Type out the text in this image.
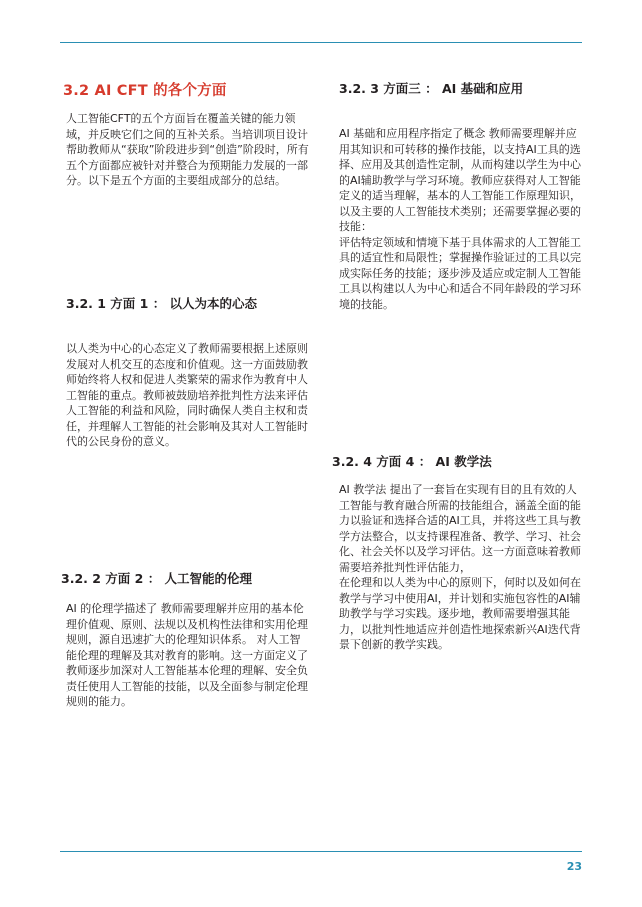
3.2 AI CFT 的各个方面

人工智能CFT的五个方面旨在覆盖关键的能力领域，并反映它们之间的互补关系。当培训项目设计帮助教师从“获取”阶段进步到“创造”阶段时，所有五个方面都应被针对并整合为预期能力发展的一部分。以下是五个方面的主要组成部分的总结。

3.2. 1 方面 1 ： 以人为本的心态

以人类为中心的心态定义了教师需要根据上述原则发展对人机交互的态度和价值观。这一方面鼓励教师始终将人权和促进人类繁荣的需求作为教育中人工智能的重点。教师被鼓励培养批判性方法来评估人工智能的利益和风险，同时确保人类自主权和责任，并理解人工智能的社会影响及其对人工智能时代的公民身份的意义。

3.2. 2 方面 2 ： 人工智能的伦理

AI 的伦理学描述了 教师需要理解并应用的基本伦理价值观、原则、法规以及机构性法律和实用伦理规则，源自迅速扩大的伦理知识体系。 对人工智能伦理的理解及其对教育的影响。这一方面定义了教师逐步加深对人工智能基本伦理的理解、安全负责任使用人工智能的技能，以及全面参与制定伦理规则的能力。

3.2. 3 方面三 ： AI 基础和应用

AI 基础和应用程序指定了概念 教师需要理解并应用其知识和可转移的操作技能，以支持AI工具的选择、应用及其创造性定制，从而构建以学生为中心的AI辅助教学与学习环境。教师应获得对人工智能定义的适当理解，基本的人工智能工作原理知识，以及主要的人工智能技术类别；还需要掌握必要的技能：
评估特定领域和情境下基于具体需求的人工智能工具的适宜性和局限性；掌握操作验证过的工具以完成实际任务的技能；逐步涉及适应或定制人工智能工具以构建以人为中心和适合不同年龄段的学习环境的技能。

3.2. 4 方面 4 ： AI 教学法

AI 教学法 提出了一套旨在实现有目的且有效的人工智能与教育融合所需的技能组合，涵盖全面的能力以验证和选择合适的AI工具，并将这些工具与教学方法整合，以支持课程准备、教学、学习、社会化、社会关怀以及学习评估。这一方面意味着教师需要培养批判性评估能力，
在伦理和以人类为中心的原则下，何时以及如何在教学与学习中使用AI，并计划和实施包容性的AI辅助教学与学习实践。逐步地，教师需要增强其能力，以批判性地适应并创造性地探索新兴AI迭代背景下创新的教学实践。

23
